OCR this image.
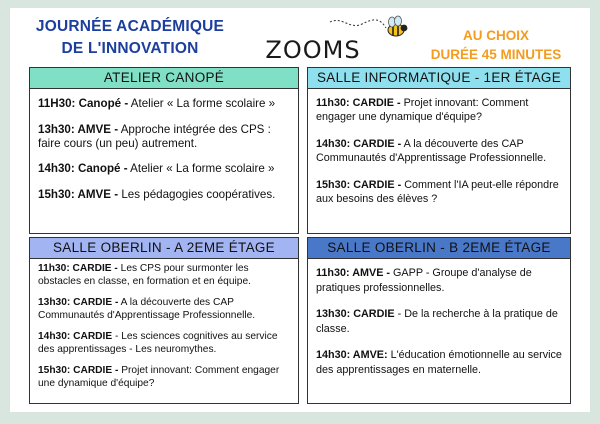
JOURNÉE ACADÉMIQUE
DE L'INNOVATION	ZOOMS
AU CHOIX
DURÉE 45 MINUTES
ATELIER CANOPÉ
11H30: Canopé - Atelier « La forme scolaire »
13h30: AMVE - Approche intégrée des CPS : faire cours (un peu) autrement.
14h30: Canopé - Atelier « La forme scolaire »
15h30: AMVE - Les pédagogies coopératives.
SALLE INFORMATIQUE - 1ER ÉTAGE
11h30: CARDIE - Projet innovant: Comment engager une dynamique d'équipe?
14h30: CARDIE - A la découverte des CAP Communautés d'Apprentissage Professionnelle.
15h30: CARDIE - Comment l'IA peut-elle répondre aux besoins des élèves ?
SALLE OBERLIN - A 2EME ÉTAGE
11h30: CARDIE - Les CPS pour surmonter les obstacles en classe, en formation et en équipe.
13h30: CARDIE - A la découverte des CAP Communautés d'Apprentissage Professionnelle.
14h30: CARDIE - Les sciences cognitives au service des apprentissages - Les neuromythes.
15h30: CARDIE - Projet innovant: Comment engager une dynamique d'équipe?
SALLE OBERLIN - B 2EME ÉTAGE
11h30: AMVE - GAPP - Groupe d'analyse de pratiques professionnelles.
13h30: CARDIE - De la recherche à la pratique de classe.
14h30: AMVE: L'éducation émotionnelle au service des apprentissages en maternelle.
